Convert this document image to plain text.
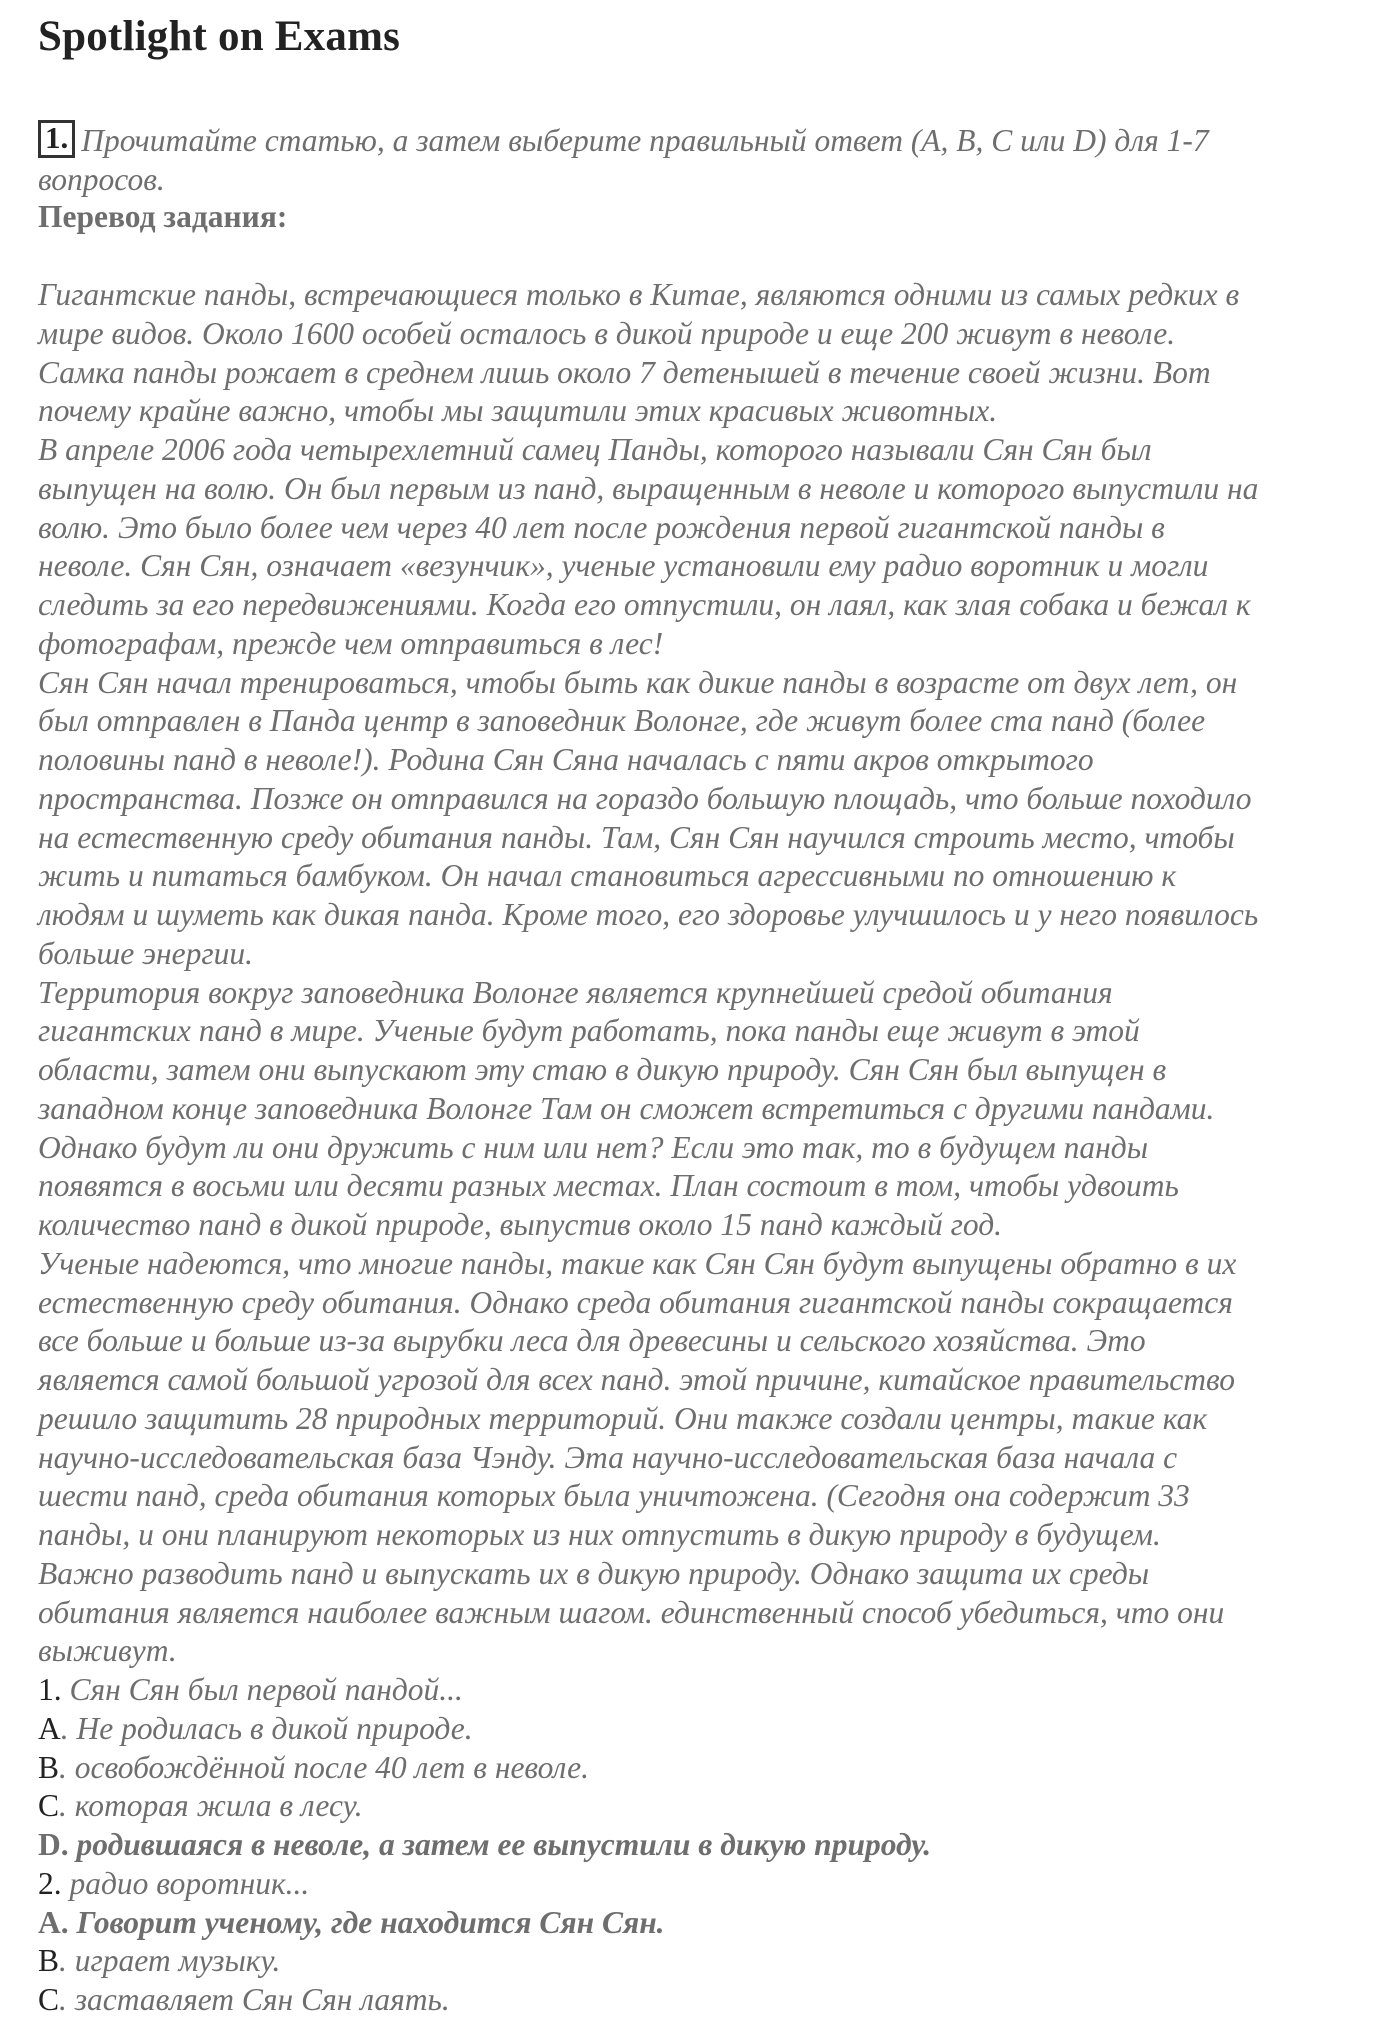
Spotlight on Exams
1. Прочитайте статью, а затем выберите правильный ответ (A, B, C или D) для 1-7
вопросов.
Перевод задания:
Гигантские панды, встречающиеся только в Китае, являются одними из самых редких в
мире видов. Около 1600 особей осталось в дикой природе и еще 200 живут в неволе.
Самка панды рожает в среднем лишь около 7 детенышей в течение своей жизни. Вот
почему крайне важно, чтобы мы защитили этих красивых животных.
В апреле 2006 года четырехлетний самец Панды, которого называли Сян Сян был
выпущен на волю. Он был первым из панд, выращенным в неволе и которого выпустили на
волю. Это было более чем через 40 лет после рождения первой гигантской панды в
неволе. Сян Сян, означает «везунчик», ученые установили ему радио воротник и могли
следить за его передвижениями. Когда его отпустили, он лаял, как злая собака и бежал к
фотографам, прежде чем отправиться в лес!
Сян Сян начал тренироваться, чтобы быть как дикие панды в возрасте от двух лет, он
был отправлен в Панда центр в заповедник Волонге, где живут более ста панд (более
половины панд в неволе!). Родина Сян Сяна началась с пяти акров открытого
пространства. Позже он отправился на гораздо большую площадь, что больше походило
на естественную среду обитания панды. Там, Сян Сян научился строить место, чтобы
жить и питаться бамбуком. Он начал становиться агрессивными по отношению к
людям и шуметь как дикая панда. Кроме того, его здоровье улучшилось и у него появилось
больше энергии.
Территория вокруг заповедника Волонге является крупнейшей средой обитания
гигантских панд в мире. Ученые будут работать, пока панды еще живут в этой
области, затем они выпускают эту стаю в дикую природу. Сян Сян был выпущен в
западном конце заповедника Волонге Там он сможет встретиться с другими пандами.
Однако будут ли они дружить с ним или нет? Если это так, то в будущем панды
появятся в восьми или десяти разных местах. План состоит в том, чтобы удвоить
количество панд в дикой природе, выпустив около 15 панд каждый год.
Ученые надеются, что многие панды, такие как Сян Сян будут выпущены обратно в их
естественную среду обитания. Однако среда обитания гигантской панды сокращается
все больше и больше из-за вырубки леса для древесины и сельского хозяйства. Это
является самой большой угрозой для всех панд. этой причине, китайское правительство
решило защитить 28 природных территорий. Они также создали центры, такие как
научно-исследовательская база Чэнду. Эта научно-исследовательская база начала с
шести панд, среда обитания которых была уничтожена. (Сегодня она содержит 33
панды, и они планируют некоторых из них отпустить в дикую природу в будущем.
Важно разводить панд и выпускать их в дикую природу. Однако защита их среды
обитания является наиболее важным шагом. единственный способ убедиться, что они
выживут.
1. Сян Сян был первой пандой...
A. Не родилась в дикой природе.
B. освобождённой после 40 лет в неволе.
C. которая жила в лесу.
D. родившаяся в неволе, а затем ее выпустили в дикую природу.
2. радио воротник...
A. Говорит ученому, где находится Сян Сян.
B. играет музыку.
C. заставляет Сян Сян лаять.
